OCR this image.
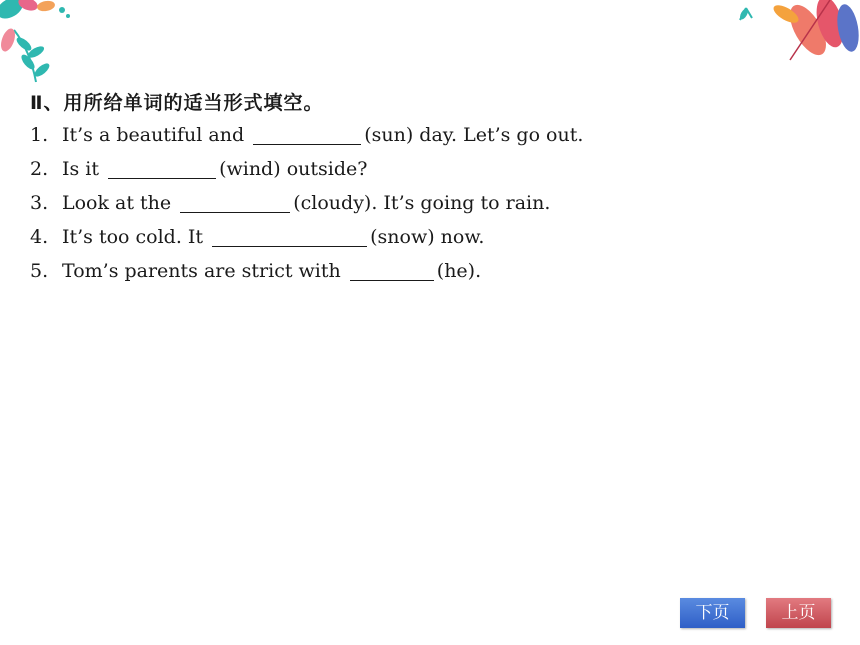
Ⅱ、用所给单词的适当形式填空。
1. It’s a beautiful and	(sun) day. Let’s go out.
2. Is it	(wind) outside?
3. Look at the	(cloudy). It’s going to rain.
4. It’s too cold. It	(snow) now.
5. Tom’s parents are strict with	(he).
下页	上页
